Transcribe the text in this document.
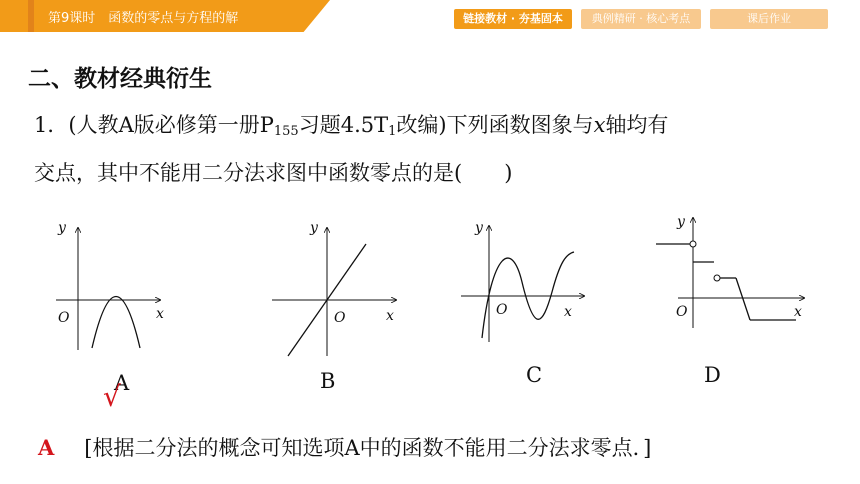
第9课时　函数的零点与方程的解	链接教材 · 夯基固本	典例精研 · 核心考点	课后作业
二、教材经典衍生
1．(人教A版必修第一册$P_{155}$习题$4.5T_1$改编)下列函数图象与x轴均有
交点，其中不能用二分法求图中函数零点的是(　　)
y
x
O
A
√
y
x
O
B
y
x
O
C
y
x
O
D
A [根据二分法的概念可知选项A中的函数不能用二分法求零点．]
